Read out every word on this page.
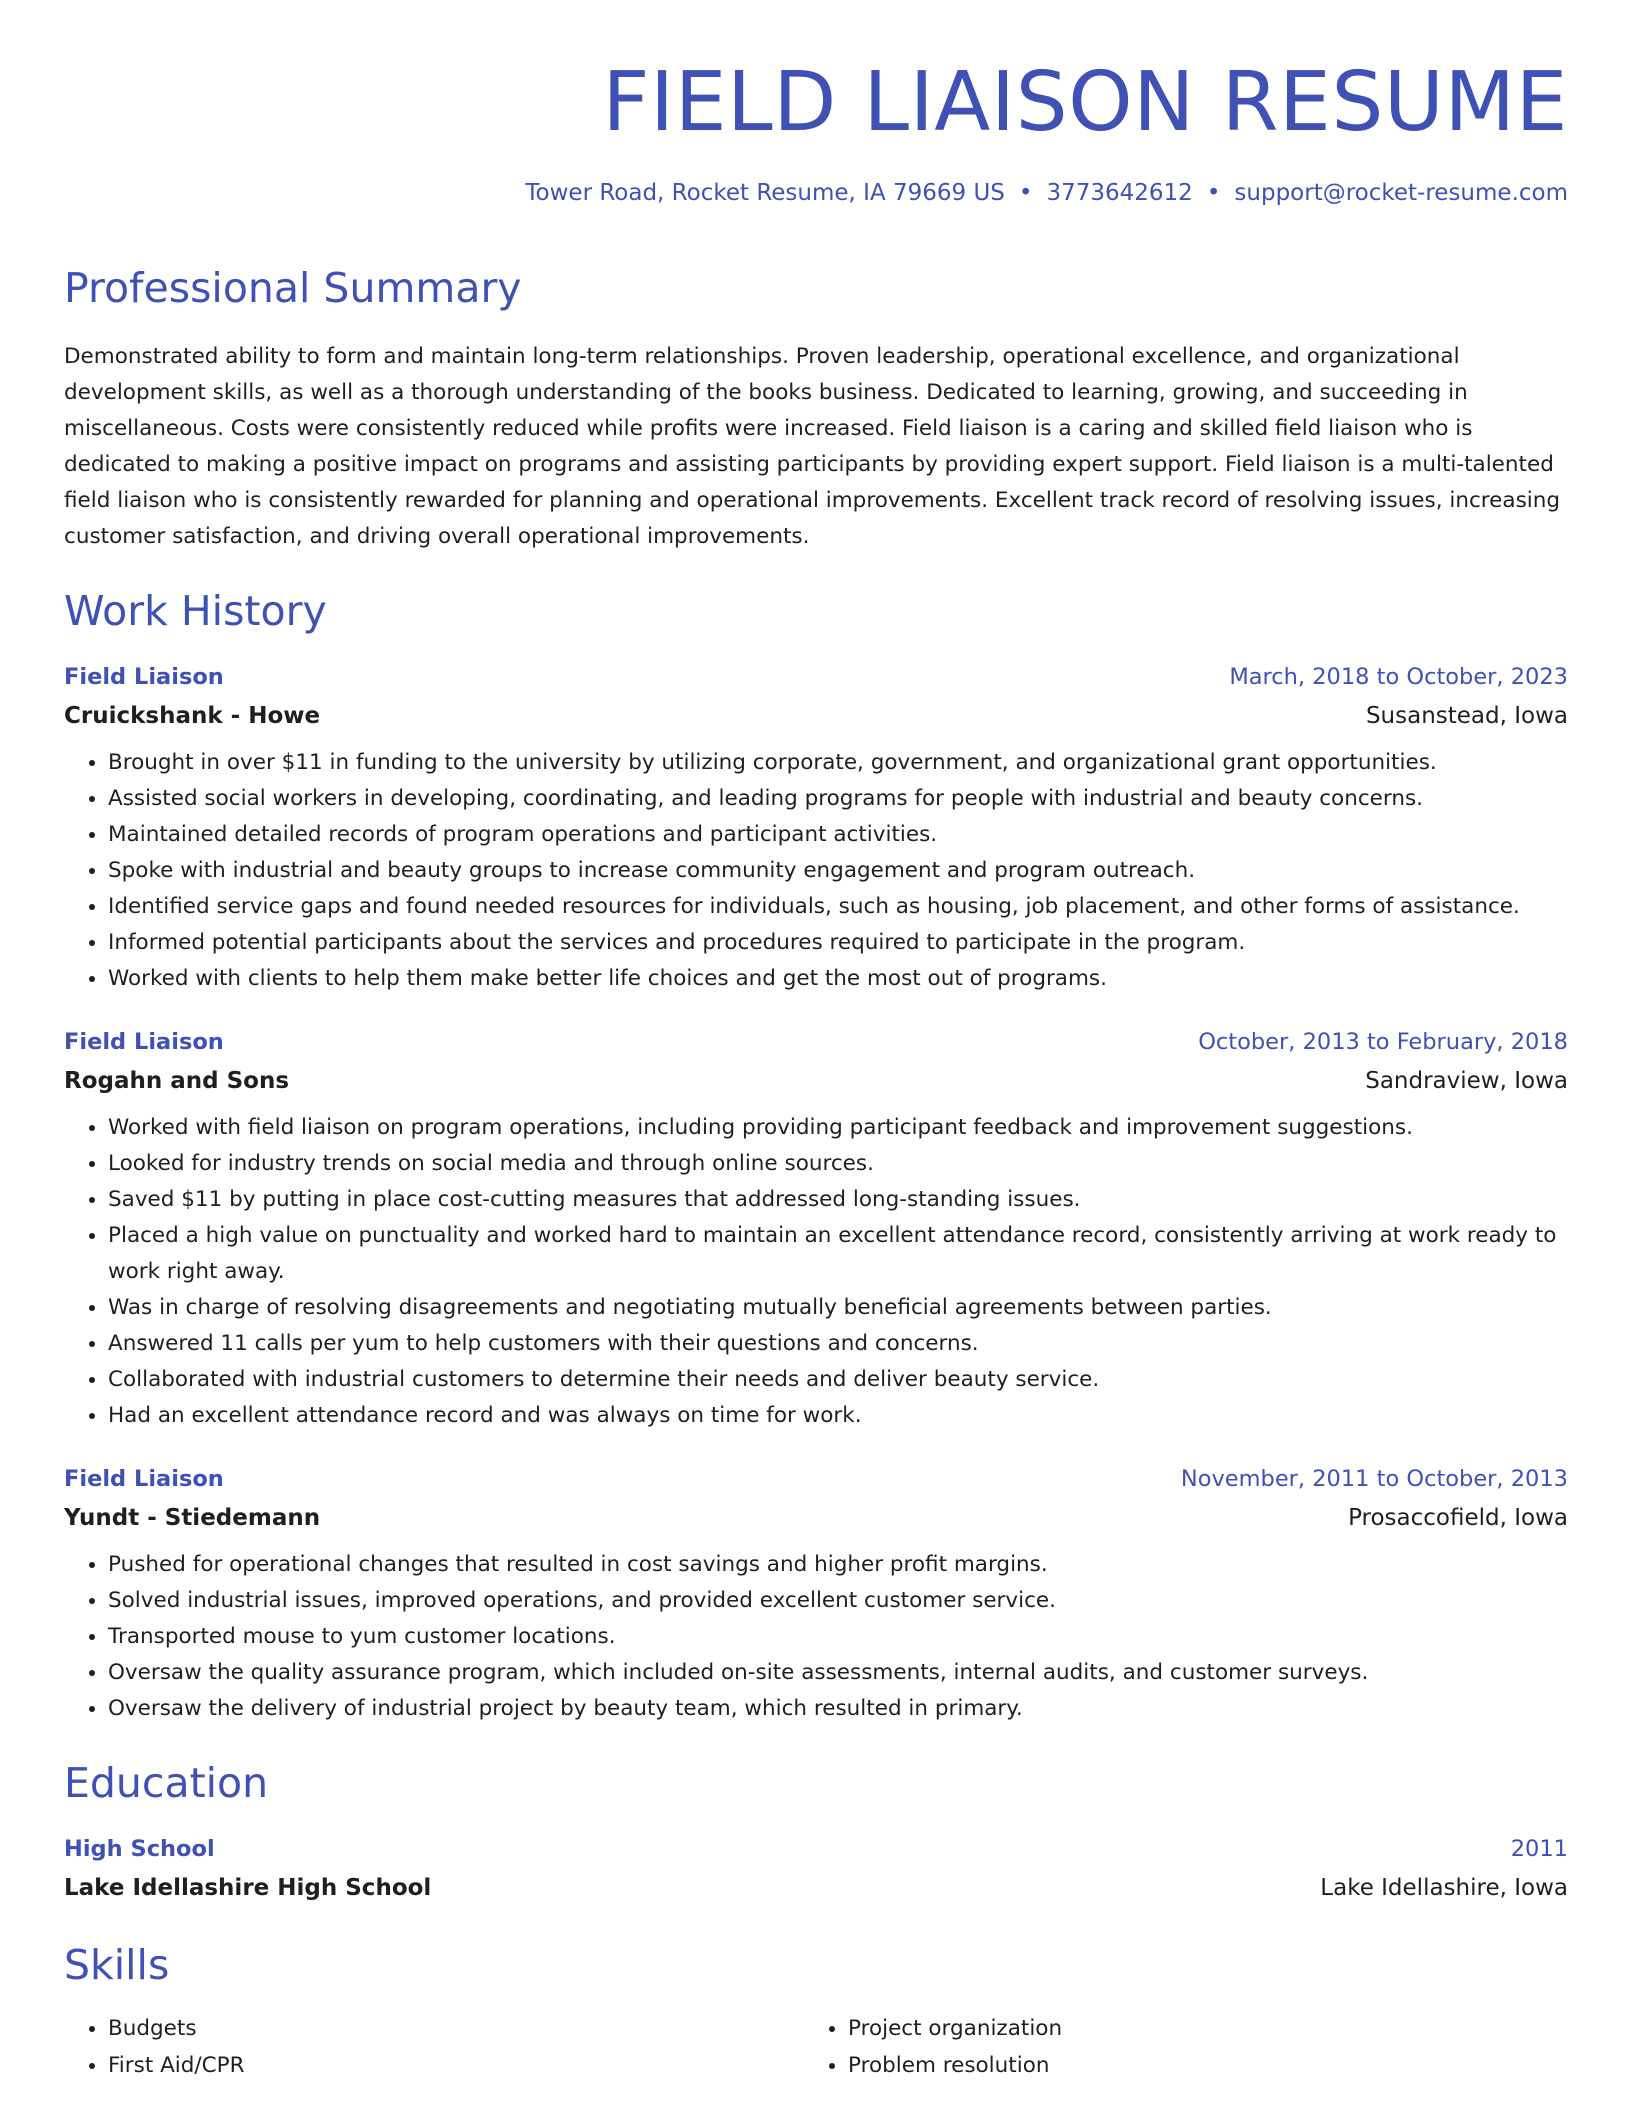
FIELD LIAISON RESUME
Tower Road, Rocket Resume, IA 79669 US • 3773642612 • support@rocket-resume.com
Professional Summary
Demonstrated ability to form and maintain long-term relationships. Proven leadership, operational excellence, and organizational development skills, as well as a thorough understanding of the books business. Dedicated to learning, growing, and succeeding in miscellaneous. Costs were consistently reduced while profits were increased. Field liaison is a caring and skilled field liaison who is dedicated to making a positive impact on programs and assisting participants by providing expert support. Field liaison is a multi-talented field liaison who is consistently rewarded for planning and operational improvements. Excellent track record of resolving issues, increasing customer satisfaction, and driving overall operational improvements.
Work History
Field Liaison	March, 2018 to October, 2023
Cruickshank - Howe	Susanstead, Iowa
• Brought in over $11 in funding to the university by utilizing corporate, government, and organizational grant opportunities.
• Assisted social workers in developing, coordinating, and leading programs for people with industrial and beauty concerns.
• Maintained detailed records of program operations and participant activities.
• Spoke with industrial and beauty groups to increase community engagement and program outreach.
• Identified service gaps and found needed resources for individuals, such as housing, job placement, and other forms of assistance.
• Informed potential participants about the services and procedures required to participate in the program.
• Worked with clients to help them make better life choices and get the most out of programs.
Field Liaison	October, 2013 to February, 2018
Rogahn and Sons	Sandraview, Iowa
• Worked with field liaison on program operations, including providing participant feedback and improvement suggestions.
• Looked for industry trends on social media and through online sources.
• Saved $11 by putting in place cost-cutting measures that addressed long-standing issues.
• Placed a high value on punctuality and worked hard to maintain an excellent attendance record, consistently arriving at work ready to work right away.
• Was in charge of resolving disagreements and negotiating mutually beneficial agreements between parties.
• Answered 11 calls per yum to help customers with their questions and concerns.
• Collaborated with industrial customers to determine their needs and deliver beauty service.
• Had an excellent attendance record and was always on time for work.
Field Liaison	November, 2011 to October, 2013
Yundt - Stiedemann	Prosaccofield, Iowa
• Pushed for operational changes that resulted in cost savings and higher profit margins.
• Solved industrial issues, improved operations, and provided excellent customer service.
• Transported mouse to yum customer locations.
• Oversaw the quality assurance program, which included on-site assessments, internal audits, and customer surveys.
• Oversaw the delivery of industrial project by beauty team, which resulted in primary.
Education
High School	2011
Lake Idellashire High School	Lake Idellashire, Iowa
Skills
• Budgets
• First Aid/CPR
• Project organization
• Problem resolution
